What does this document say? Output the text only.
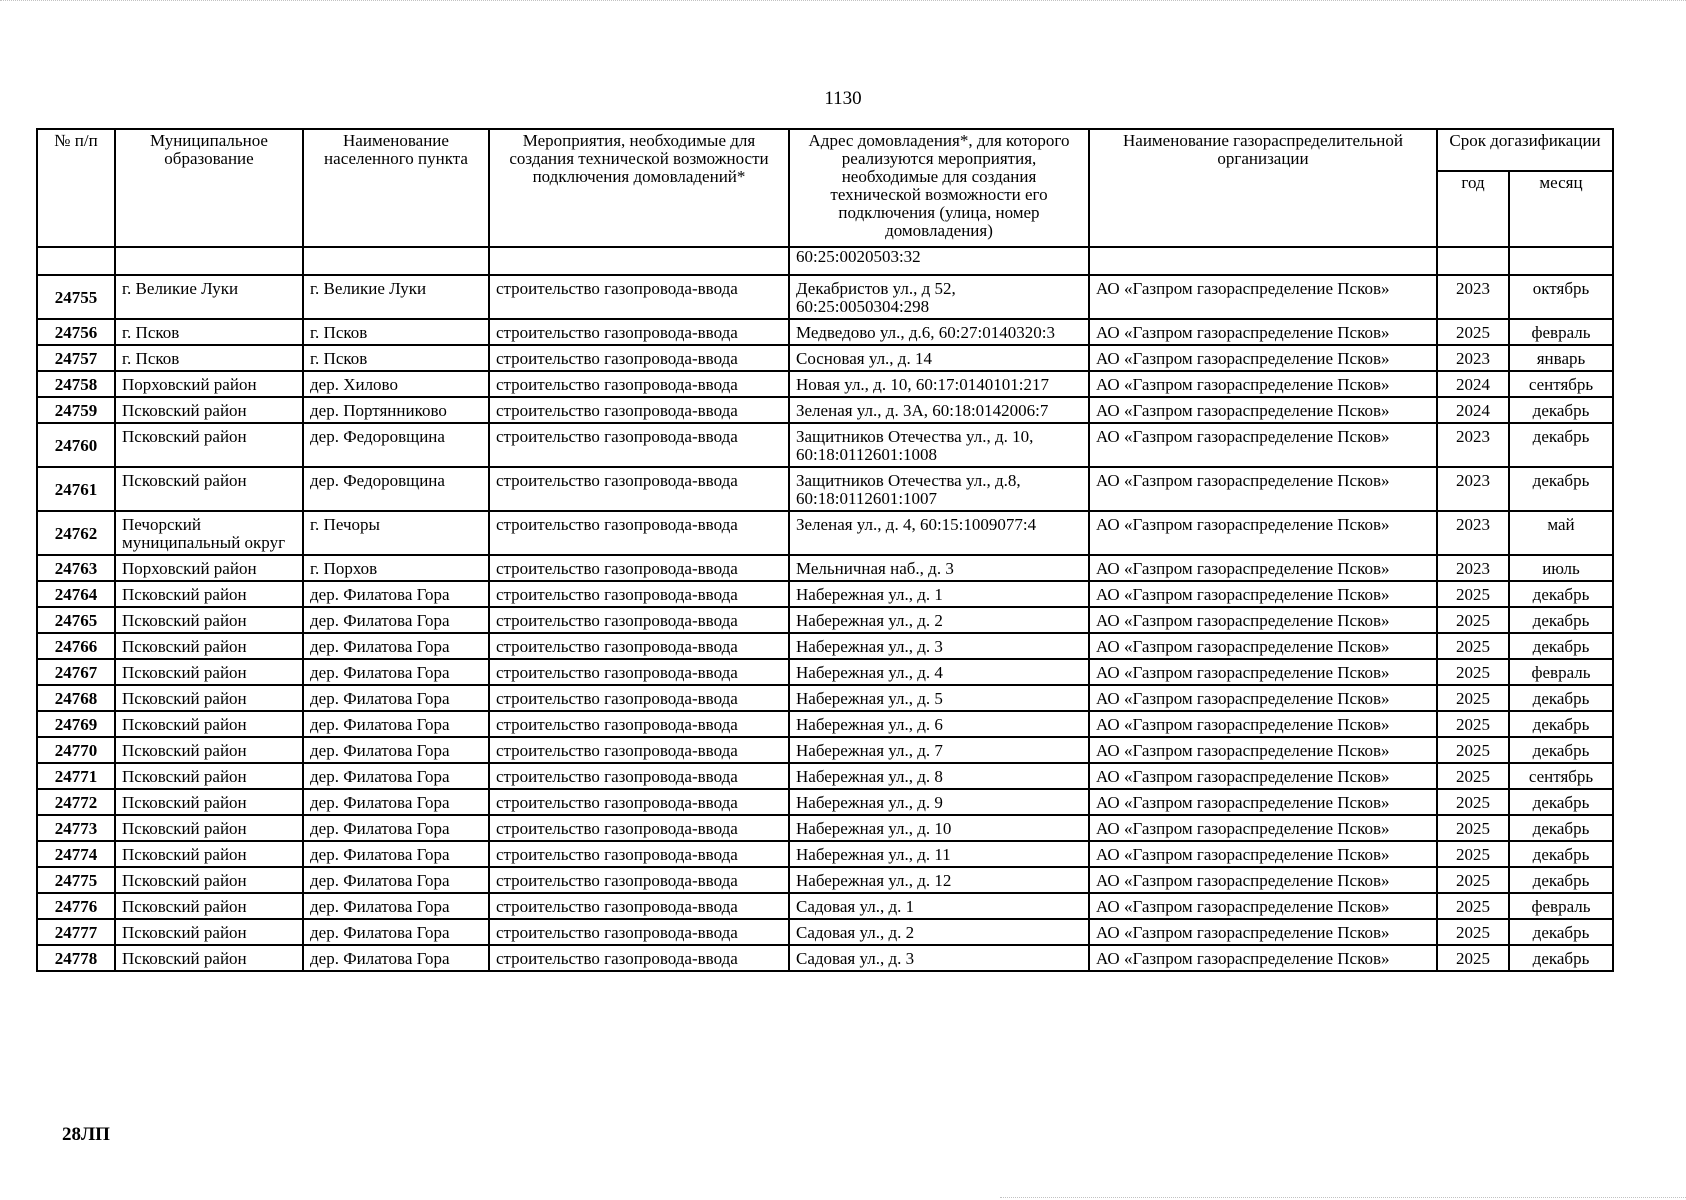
1130
№ п/п	Муниципальное образование	Наименование населенного пункта	Мероприятия, необходимые для создания технической возможности подключения домовладений*	Адрес домовладения*, для которого реализуются мероприятия, необходимые для создания технической возможности его подключения (улица, номер домовладения)	Наименование газораспределительной организации	Срок догазификации	
						год	месяц
				60:25:0020503:32			
24755	г. Великие Луки	г. Великие Луки	строительство газопровода-ввода	Декабристов ул., д 52, 60:25:0050304:298	АО «Газпром газораспределение Псков»	2023	октябрь
24756	г. Псков	г. Псков	строительство газопровода-ввода	Медведово ул., д.6, 60:27:0140320:3	АО «Газпром газораспределение Псков»	2025	февраль
24757	г. Псков	г. Псков	строительство газопровода-ввода	Сосновая ул., д. 14	АО «Газпром газораспределение Псков»	2023	январь
24758	Порховский район	дер. Хилово	строительство газопровода-ввода	Новая ул., д. 10, 60:17:0140101:217	АО «Газпром газораспределение Псков»	2024	сентябрь
24759	Псковский район	дер. Портянниково	строительство газопровода-ввода	Зеленая ул., д. 3А, 60:18:0142006:7	АО «Газпром газораспределение Псков»	2024	декабрь
24760	Псковский район	дер. Федоровщина	строительство газопровода-ввода	Защитников Отечества ул., д. 10, 60:18:0112601:1008	АО «Газпром газораспределение Псков»	2023	декабрь
24761	Псковский район	дер. Федоровщина	строительство газопровода-ввода	Защитников Отечества ул., д.8, 60:18:0112601:1007	АО «Газпром газораспределение Псков»	2023	декабрь
24762	Печорский муниципальный округ	г. Печоры	строительство газопровода-ввода	Зеленая ул., д. 4, 60:15:1009077:4	АО «Газпром газораспределение Псков»	2023	май
24763	Порховский район	г. Порхов	строительство газопровода-ввода	Мельничная наб., д. 3	АО «Газпром газораспределение Псков»	2023	июль
24764	Псковский район	дер. Филатова Гора	строительство газопровода-ввода	Набережная ул., д. 1	АО «Газпром газораспределение Псков»	2025	декабрь
24765	Псковский район	дер. Филатова Гора	строительство газопровода-ввода	Набережная ул., д. 2	АО «Газпром газораспределение Псков»	2025	декабрь
24766	Псковский район	дер. Филатова Гора	строительство газопровода-ввода	Набережная ул., д. 3	АО «Газпром газораспределение Псков»	2025	декабрь
24767	Псковский район	дер. Филатова Гора	строительство газопровода-ввода	Набережная ул., д. 4	АО «Газпром газораспределение Псков»	2025	февраль
24768	Псковский район	дер. Филатова Гора	строительство газопровода-ввода	Набережная ул., д. 5	АО «Газпром газораспределение Псков»	2025	декабрь
24769	Псковский район	дер. Филатова Гора	строительство газопровода-ввода	Набережная ул., д. 6	АО «Газпром газораспределение Псков»	2025	декабрь
24770	Псковский район	дер. Филатова Гора	строительство газопровода-ввода	Набережная ул., д. 7	АО «Газпром газораспределение Псков»	2025	декабрь
24771	Псковский район	дер. Филатова Гора	строительство газопровода-ввода	Набережная ул., д. 8	АО «Газпром газораспределение Псков»	2025	сентябрь
24772	Псковский район	дер. Филатова Гора	строительство газопровода-ввода	Набережная ул., д. 9	АО «Газпром газораспределение Псков»	2025	декабрь
24773	Псковский район	дер. Филатова Гора	строительство газопровода-ввода	Набережная ул., д. 10	АО «Газпром газораспределение Псков»	2025	декабрь
24774	Псковский район	дер. Филатова Гора	строительство газопровода-ввода	Набережная ул., д. 11	АО «Газпром газораспределение Псков»	2025	декабрь
24775	Псковский район	дер. Филатова Гора	строительство газопровода-ввода	Набережная ул., д. 12	АО «Газпром газораспределение Псков»	2025	декабрь
24776	Псковский район	дер. Филатова Гора	строительство газопровода-ввода	Садовая ул., д. 1	АО «Газпром газораспределение Псков»	2025	февраль
24777	Псковский район	дер. Филатова Гора	строительство газопровода-ввода	Садовая ул., д. 2	АО «Газпром газораспределение Псков»	2025	декабрь
24778	Псковский район	дер. Филатова Гора	строительство газопровода-ввода	Садовая ул., д. 3	АО «Газпром газораспределение Псков»	2025	декабрь
28ЛП
